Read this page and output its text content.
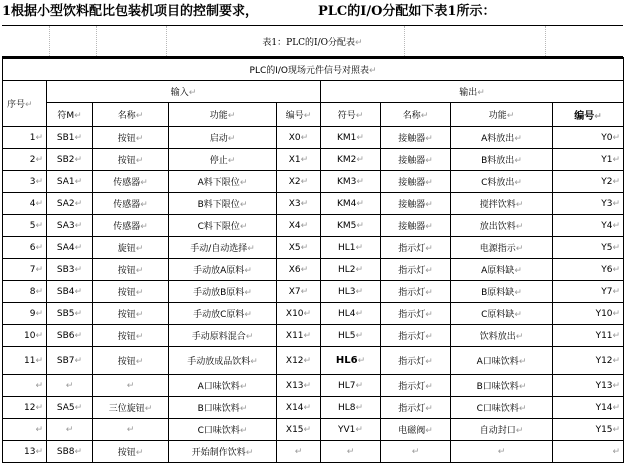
1根据小型饮料配比包装机项目的控制要求，	PLC的I/O分配如下表1所示：
表1：PLC的I/O分配表↵
PLC的I/O现场元件信号对照表↵								
序号↵	输入↵				输出↵			
	符M↵	名称↵	功能↵	编号↵	符号↵	名称↵	功能↵	编号↵
1↵	SB1↵	按钮↵	启动↵	X0↵	KM1↵	接触器↵	A料放出↵	Y0↵
2↵	SB2↵	按钮↵	停止↵	X1↵	KM2↵	接触器↵	B料放出↵	Y1↵
3↵	SA1↵	传感器↵	A料下限位↵	X2↵	KM3↵	接触器↵	C料放出↵	Y2↵
4↵	SA2↵	传感器↵	B料下限位↵	X3↵	KM4↵	接触器↵	搅拌饮料↵	Y3↵
5↵	SA3↵	传感器↵	C料下限位↵	X4↵	KM5↵	接触器↵	放出饮料↵	Y4↵
6↵	SA4↵	旋钮↵	手动/自动选择↵	X5↵	HL1↵	指示灯↵	电源指示↵	Y5↵
7↵	SB3↵	按钮↵	手动放A原料↵	X6↵	HL2↵	指示灯↵	A原料缺↵	Y6↵
8↵	SB4↵	按钮↵	手动放B原料↵	X7↵	HL3↵	指示灯↵	B原料缺↵	Y7↵
9↵	SB5↵	按钮↵	手动放C原料↵	X10↵	HL4↵	指示灯↵	C原料缺↵	Y10↵
10↵	SB6↵	按钮↵	手动原料混合↵	X11↵	HL5↵	指示灯↵	饮料放出↵	Y11↵
11↵	SB7↵	按钮↵	手动放成品饮料↵	X12↵	HL6↵	指示灯↵	A口味饮料↵	Y12↵
↵	↵	↵	A口味饮料↵	X13↵	HL7↵	指示灯↵	B口味饮料↵	Y13↵
12↵	SA5↵	三位旋钮↵	B口味饮料↵	X14↵	HL8↵	指示灯↵	C口味饮料↵	Y14↵
↵	↵	↵	C口味饮料↵	X15↵	YV1↵	电磁阀↵	自动封口↵	Y15↵
13↵	SB8↵	按钮↵	开始制作饮料↵	↵	↵	↵	↵	↵
